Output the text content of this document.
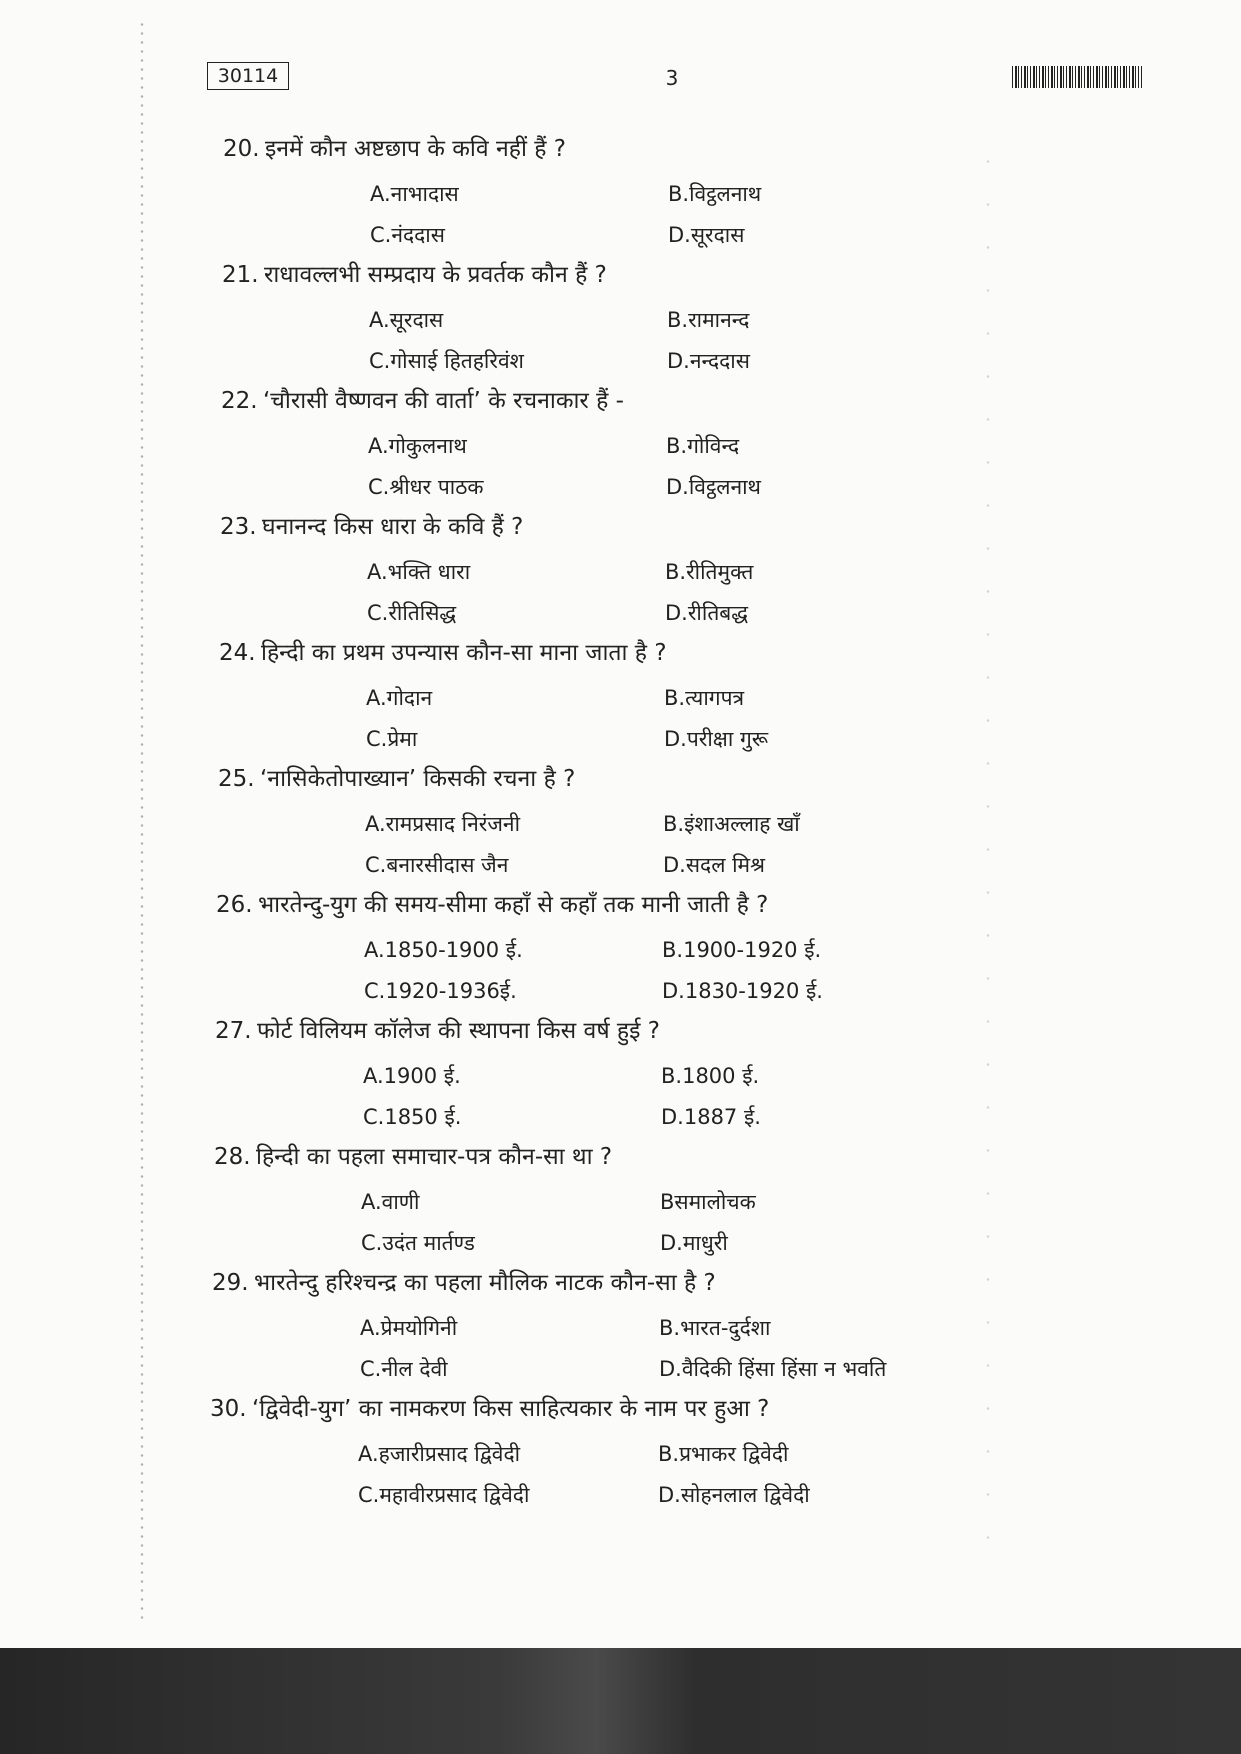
30114	3
20. इनमें कौन अष्टछाप के कवि नहीं हैं ?
A.नाभादास	B.विट्ठलनाथ
C.नंददास	D.सूरदास
21. राधावल्लभी सम्प्रदाय के प्रवर्तक कौन हैं ?
A.सूरदास	B.रामानन्द
C.गोसाई हितहरिवंश	D.नन्ददास
22. ‘चौरासी वैष्णवन की वार्ता’ के रचनाकार हैं -
A.गोकुलनाथ	B.गोविन्द
C.श्रीधर पाठक	D.विट्ठलनाथ
23. घनानन्द किस धारा के कवि हैं ?
A.भक्ति धारा	B.रीतिमुक्त
C.रीतिसिद्ध	D.रीतिबद्ध
24. हिन्दी का प्रथम उपन्यास कौन-सा माना जाता है ?
A.गोदान	B.त्यागपत्र
C.प्रेमा	D.परीक्षा गुरू
25. ‘नासिकेतोपाख्यान’ किसकी रचना है ?
A.रामप्रसाद निरंजनी	B.इंशाअल्लाह खाँ
C.बनारसीदास जैन	D.सदल मिश्र
26. भारतेन्दु-युग की समय-सीमा कहाँ से कहाँ तक मानी जाती है ?
A.1850-1900 ई.	B.1900-1920 ई.
C.1920-1936ई.	D.1830-1920 ई.
27. फोर्ट विलियम कॉलेज की स्थापना किस वर्ष हुई ?
A.1900 ई.	B.1800 ई.
C.1850 ई.	D.1887 ई.
28. हिन्दी का पहला समाचार-पत्र कौन-सा था ?
A.वाणी	Bसमालोचक
C.उदंत मार्तण्ड	D.माधुरी
29. भारतेन्दु हरिश्चन्द्र का पहला मौलिक नाटक कौन-सा है ?
A.प्रेमयोगिनी	B.भारत-दुर्दशा
C.नील देवी	D.वैदिकी हिंसा हिंसा न भवति
30. ‘द्विवेदी-युग’ का नामकरण किस साहित्यकार के नाम पर हुआ ?
A.हजारीप्रसाद द्विवेदी	B.प्रभाकर द्विवेदी
C.महावीरप्रसाद द्विवेदी	D.सोहनलाल द्विवेदी
